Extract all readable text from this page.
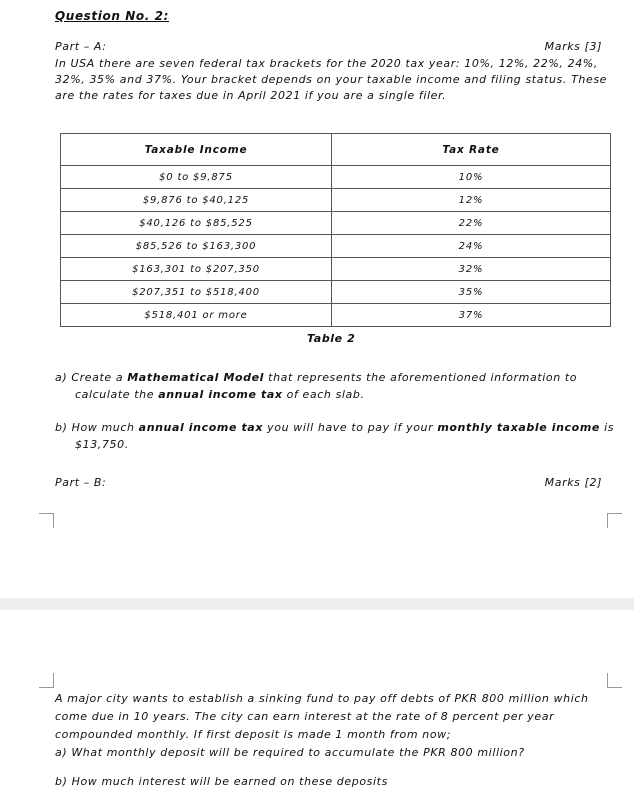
Question No. 2:
Part – A:	Marks [3]
In USA there are seven federal tax brackets for the 2020 tax year: 10%, 12%, 22%, 24%, 32%, 35% and 37%. Your bracket depends on your taxable income and filing status. These are the rates for taxes due in April 2021 if you are a single filer.
Taxable Income	Tax Rate
$0 to $9,875	10%
$9,876 to $40,125	12%
$40,126 to $85,525	22%
$85,526 to $163,300	24%
$163,301 to $207,350	32%
$207,351 to $518,400	35%
$518,401 or more	37%
Table 2
a) Create a Mathematical Model that represents the aforementioned information to calculate the annual income tax of each slab.
b) How much annual income tax you will have to pay if your monthly taxable income is $13,750.
Part – B:	Marks [2]
A major city wants to establish a sinking fund to pay off debts of PKR 800 million which
come due in 10 years. The city can earn interest at the rate of 8 percent per year
compounded monthly. If first deposit is made 1 month from now;
a) What monthly deposit will be required to accumulate the PKR 800 million?
b) How much interest will be earned on these deposits
